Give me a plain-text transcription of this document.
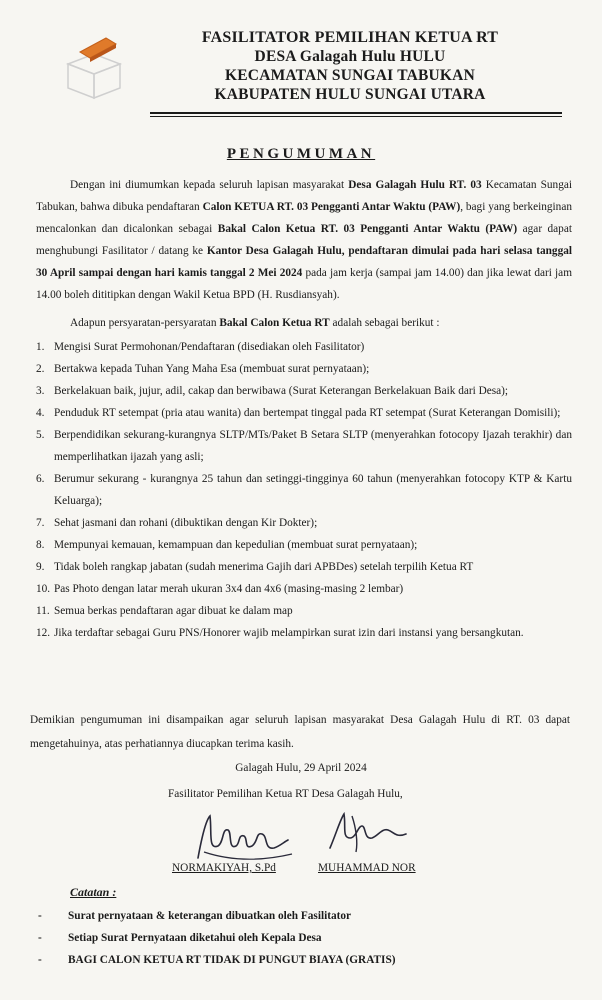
FASILITATOR PEMILIHAN KETUA RT
DESA Galagah Hulu HULU
KECAMATAN SUNGAI TABUKAN
KABUPATEN HULU SUNGAI UTARA
PENGUMUMAN

Dengan ini diumumkan kepada seluruh lapisan masyarakat Desa Galagah Hulu RT. 03 Kecamatan Sungai Tabukan, bahwa dibuka pendaftaran Calon KETUA RT. 03 Pengganti Antar Waktu (PAW), bagi yang berkeinginan mencalonkan dan dicalonkan sebagai Bakal Calon Ketua RT. 03 Pengganti Antar Waktu (PAW) agar dapat menghubungi Fasilitator / datang ke Kantor Desa Galagah Hulu, pendaftaran dimulai pada hari selasa tanggal 30 April sampai dengan hari kamis tanggal 2 Mei 2024 pada jam kerja (sampai jam 14.00) dan jika lewat dari jam 14.00 boleh dititipkan dengan Wakil Ketua BPD (H. Rusdiansyah).

Adapun persyaratan-persyaratan Bakal Calon Ketua RT adalah sebagai berikut :

1. Mengisi Surat Permohonan/Pendaftaran (disediakan oleh Fasilitator)
2. Bertakwa kepada Tuhan Yang Maha Esa (membuat surat pernyataan);
3. Berkelakuan baik, jujur, adil, cakap dan berwibawa (Surat Keterangan Berkelakuan Baik dari Desa);
4. Penduduk RT setempat (pria atau wanita) dan bertempat tinggal pada RT setempat (Surat Keterangan Domisili);
5. Berpendidikan sekurang-kurangnya SLTP/MTs/Paket B Setara SLTP (menyerahkan fotocopy Ijazah terakhir) dan memperlihatkan ijazah yang asli;
6. Berumur sekurang - kurangnya 25 tahun dan setinggi-tingginya 60 tahun (menyerahkan fotocopy KTP & Kartu Keluarga);
7. Sehat jasmani dan rohani (dibuktikan dengan Kir Dokter);
8. Mempunyai kemauan, kemampuan dan kepedulian (membuat surat pernyataan);
9. Tidak boleh rangkap jabatan (sudah menerima Gajih dari APBDes) setelah terpilih Ketua RT
10. Pas Photo dengan latar merah ukuran 3x4 dan 4x6 (masing-masing 2 lembar)
11. Semua berkas pendaftaran agar dibuat ke dalam map
12. Jika terdaftar sebagai Guru PNS/Honorer wajib melampirkan surat izin dari instansi yang bersangkutan.
Demikian pengumuman ini disampaikan agar seluruh lapisan masyarakat Desa Galagah Hulu di RT. 03 dapat mengetahuinya, atas perhatiannya diucapkan terima kasih.
Galagah Hulu, 29 April 2024
Fasilitator Pemilihan Ketua RT Desa Galagah Hulu,
NORMAKIYAH, S.Pd	MUHAMMAD NOR
Catatan :
- Surat pernyataan & keterangan dibuatkan oleh Fasilitator
- Setiap Surat Pernyataan diketahui oleh Kepala Desa
- BAGI CALON KETUA RT TIDAK DI PUNGUT BIAYA (GRATIS)
